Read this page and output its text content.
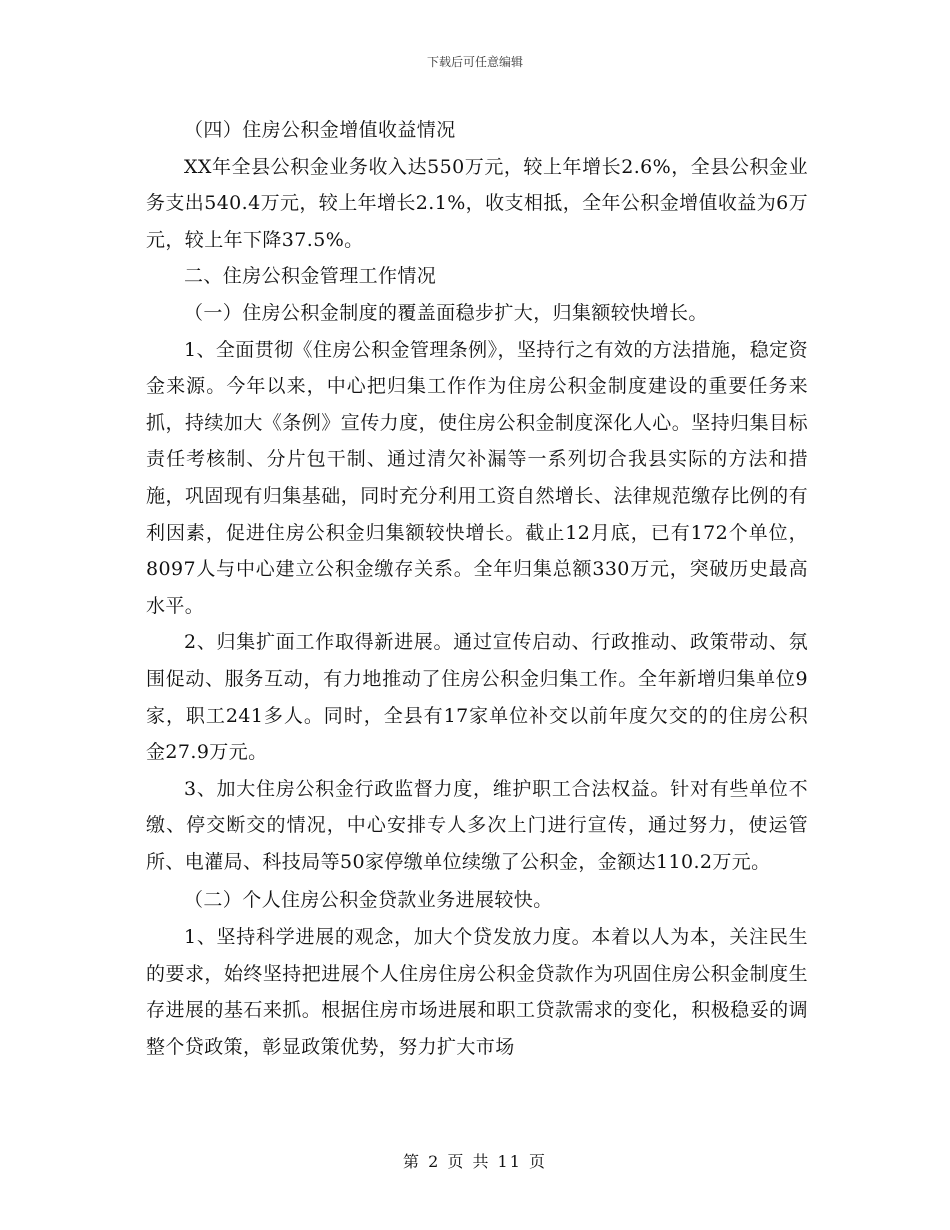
下载后可任意编辑

（四）住房公积金增值收益情况

XX年全县公积金业务收入达550万元，较上年增长2.6%，全县公积金业务支出540.4万元，较上年增长2.1%，收支相抵，全年公积金增值收益为6万元，较上年下降37.5%。

二、住房公积金管理工作情况

（一）住房公积金制度的覆盖面稳步扩大，归集额较快增长。

1、全面贯彻《住房公积金管理条例》，坚持行之有效的方法措施，稳定资金来源。今年以来，中心把归集工作作为住房公积金制度建设的重要任务来抓，持续加大《条例》宣传力度，使住房公积金制度深化人心。坚持归集目标责任考核制、分片包干制、通过清欠补漏等一系列切合我县实际的方法和措施，巩固现有归集基础，同时充分利用工资自然增长、法律规范缴存比例的有利因素，促进住房公积金归集额较快增长。截止12月底，已有172个单位，8097人与中心建立公积金缴存关系。全年归集总额330万元，突破历史最高水平。

2、归集扩面工作取得新进展。通过宣传启动、行政推动、政策带动、氛围促动、服务互动，有力地推动了住房公积金归集工作。全年新增归集单位9家，职工241多人。同时，全县有17家单位补交以前年度欠交的的住房公积金27.9万元。

3、加大住房公积金行政监督力度，维护职工合法权益。针对有些单位不缴、停交断交的情况，中心安排专人多次上门进行宣传，通过努力，使运管所、电灌局、科技局等50家停缴单位续缴了公积金，金额达110.2万元。

（二）个人住房公积金贷款业务进展较快。

1、坚持科学进展的观念，加大个贷发放力度。本着以人为本，关注民生的要求，始终坚持把进展个人住房住房公积金贷款作为巩固住房公积金制度生存进展的基石来抓。根据住房市场进展和职工贷款需求的变化，积极稳妥的调整个贷政策，彰显政策优势，努力扩大市场

第 2 页 共 11 页
